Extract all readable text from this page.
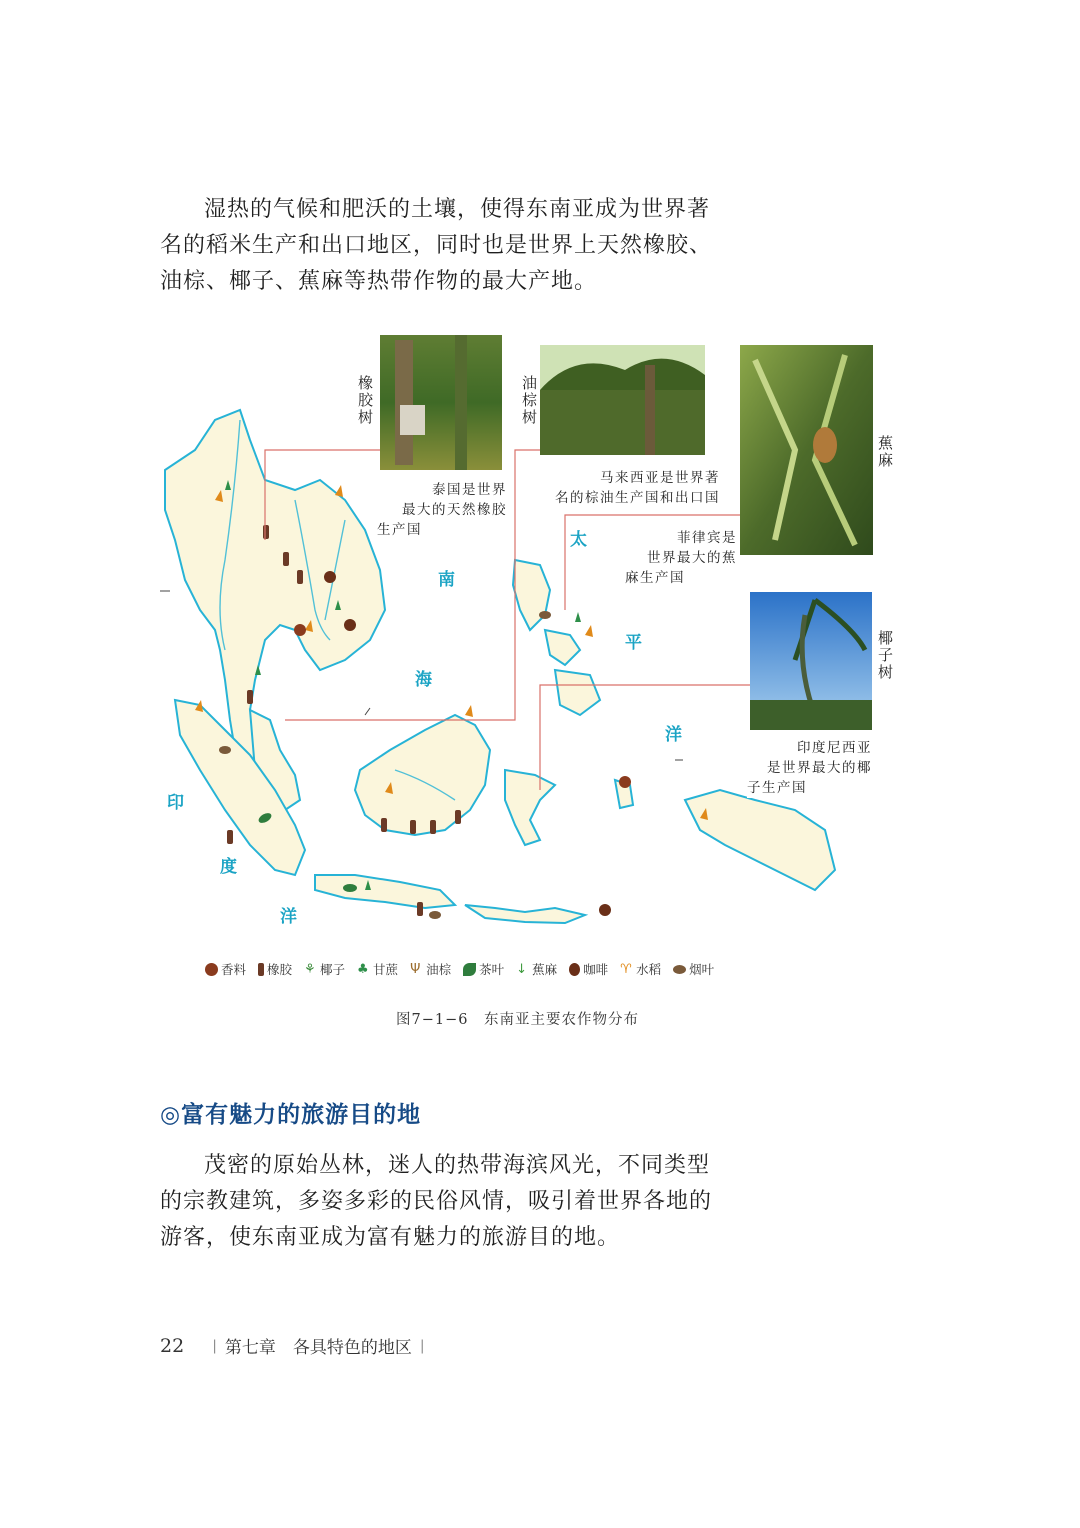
湿热的气候和肥沃的土壤，使得东南亚成为世界著
名的稻米生产和出口地区，同时也是世界上天然橡胶、
油棕、椰子、蕉麻等热带作物的最大产地。
橡胶树	油棕树
蕉麻
椰子树
泰国是世界
最大的天然橡胶
生产国
马来西亚是世界著
名的棕油生产国和出口国
菲律宾是
世界最大的蕉
麻生产国
印度尼西亚
是世界最大的椰
子生产国
南
海
太
平
洋
印
度
洋
香料 橡胶 ⚘ 椰子 ♣ 甘蔗 Ψ 油棕 茶叶 ↓ 蕉麻 咖啡 ♈ 水稻 烟叶
图7−1−6　东南亚主要农作物分布
◎富有魅力的旅游目的地
茂密的原始丛林，迷人的热带海滨风光，不同类型
的宗教建筑，多姿多彩的民俗风情，吸引着世界各地的
游客，使东南亚成为富有魅力的旅游目的地。
22 | 第七章　各具特色的地区 |
